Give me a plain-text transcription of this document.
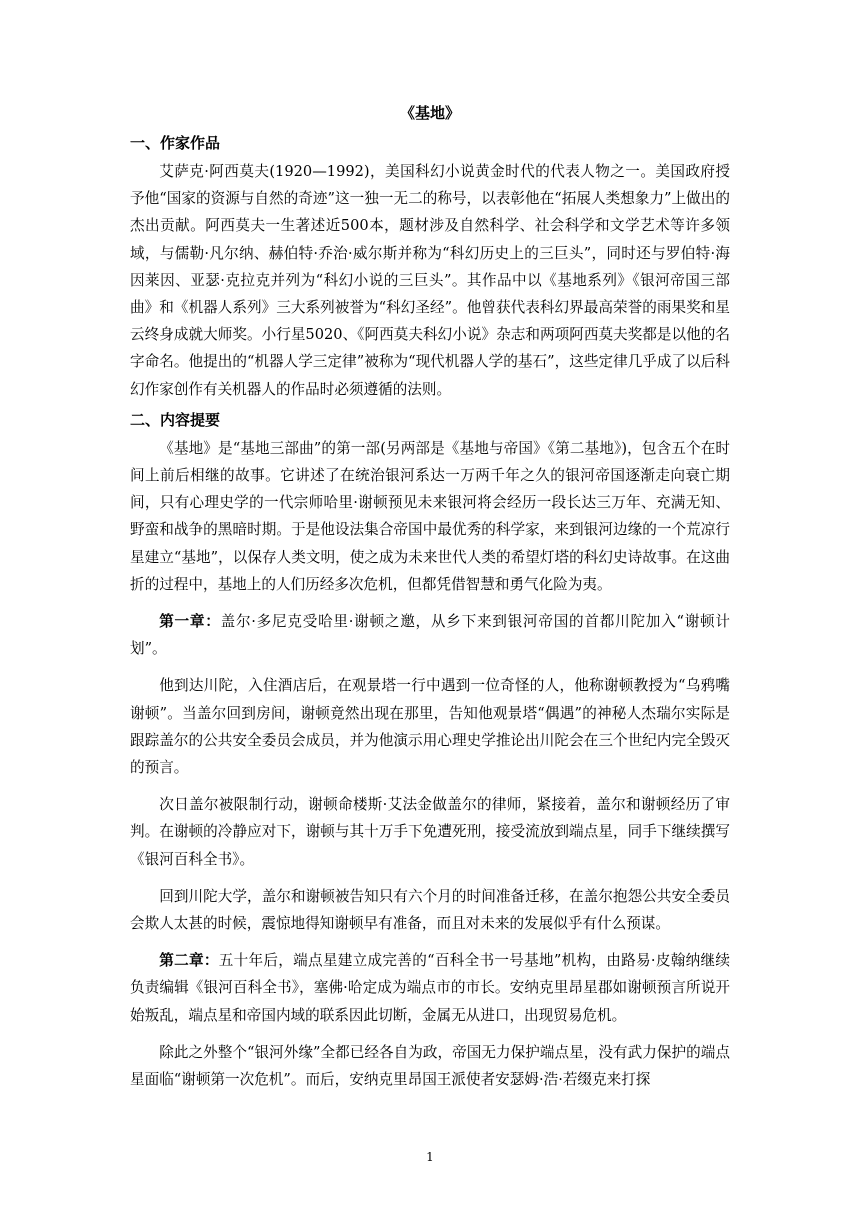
《基地》

一、作家作品

艾萨克·阿西莫夫(1920—1992)，美国科幻小说黄金时代的代表人物之一。美国政府授予他“国家的资源与自然的奇迹”这一独一无二的称号，以表彰他在“拓展人类想象力”上做出的杰出贡献。阿西莫夫一生著述近500本，题材涉及自然科学、社会科学和文学艺术等许多领域，与儒勒·凡尔纳、赫伯特·乔治·威尔斯并称为“科幻历史上的三巨头”，同时还与罗伯特·海因莱因、亚瑟·克拉克并列为“科幻小说的三巨头”。其作品中以《基地系列》《银河帝国三部曲》和《机器人系列》三大系列被誉为“科幻圣经”。他曾获代表科幻界最高荣誉的雨果奖和星云终身成就大师奖。小行星5020、《阿西莫夫科幻小说》杂志和两项阿西莫夫奖都是以他的名字命名。他提出的“机器人学三定律”被称为“现代机器人学的基石”，这些定律几乎成了以后科幻作家创作有关机器人的作品时必须遵循的法则。

二、内容提要

《基地》是“基地三部曲”的第一部(另两部是《基地与帝国》《第二基地》)，包含五个在时间上前后相继的故事。它讲述了在统治银河系达一万两千年之久的银河帝国逐渐走向衰亡期间，只有心理史学的一代宗师哈里·谢顿预见未来银河将会经历一段长达三万年、充满无知、野蛮和战争的黑暗时期。于是他设法集合帝国中最优秀的科学家，来到银河边缘的一个荒凉行星建立“基地”，以保存人类文明，使之成为未来世代人类的希望灯塔的科幻史诗故事。在这曲折的过程中，基地上的人们历经多次危机，但都凭借智慧和勇气化险为夷。

第一章：盖尔·多尼克受哈里·谢顿之邀，从乡下来到银河帝国的首都川陀加入“谢顿计划”。

他到达川陀，入住酒店后，在观景塔一行中遇到一位奇怪的人，他称谢顿教授为“乌鸦嘴谢顿”。当盖尔回到房间，谢顿竟然出现在那里，告知他观景塔“偶遇”的神秘人杰瑞尔实际是跟踪盖尔的公共安全委员会成员，并为他演示用心理史学推论出川陀会在三个世纪内完全毁灭的预言。

次日盖尔被限制行动，谢顿命楼斯·艾法金做盖尔的律师，紧接着，盖尔和谢顿经历了审判。在谢顿的冷静应对下，谢顿与其十万手下免遭死刑，接受流放到端点星，同手下继续撰写《银河百科全书》。

回到川陀大学，盖尔和谢顿被告知只有六个月的时间准备迁移，在盖尔抱怨公共安全委员会欺人太甚的时候，震惊地得知谢顿早有准备，而且对未来的发展似乎有什么预谋。

第二章：五十年后，端点星建立成完善的“百科全书一号基地”机构，由路易·皮翰纳继续负责编辑《银河百科全书》，塞佛·哈定成为端点市的市长。安纳克里昂星郡如谢顿预言所说开始叛乱，端点星和帝国内域的联系因此切断，金属无从进口，出现贸易危机。

除此之外整个“银河外缘”全都已经各自为政，帝国无力保护端点星，没有武力保护的端点星面临“谢顿第一次危机”。而后，安纳克里昂国王派使者安瑟姆·浩·若缀克来打探

1
